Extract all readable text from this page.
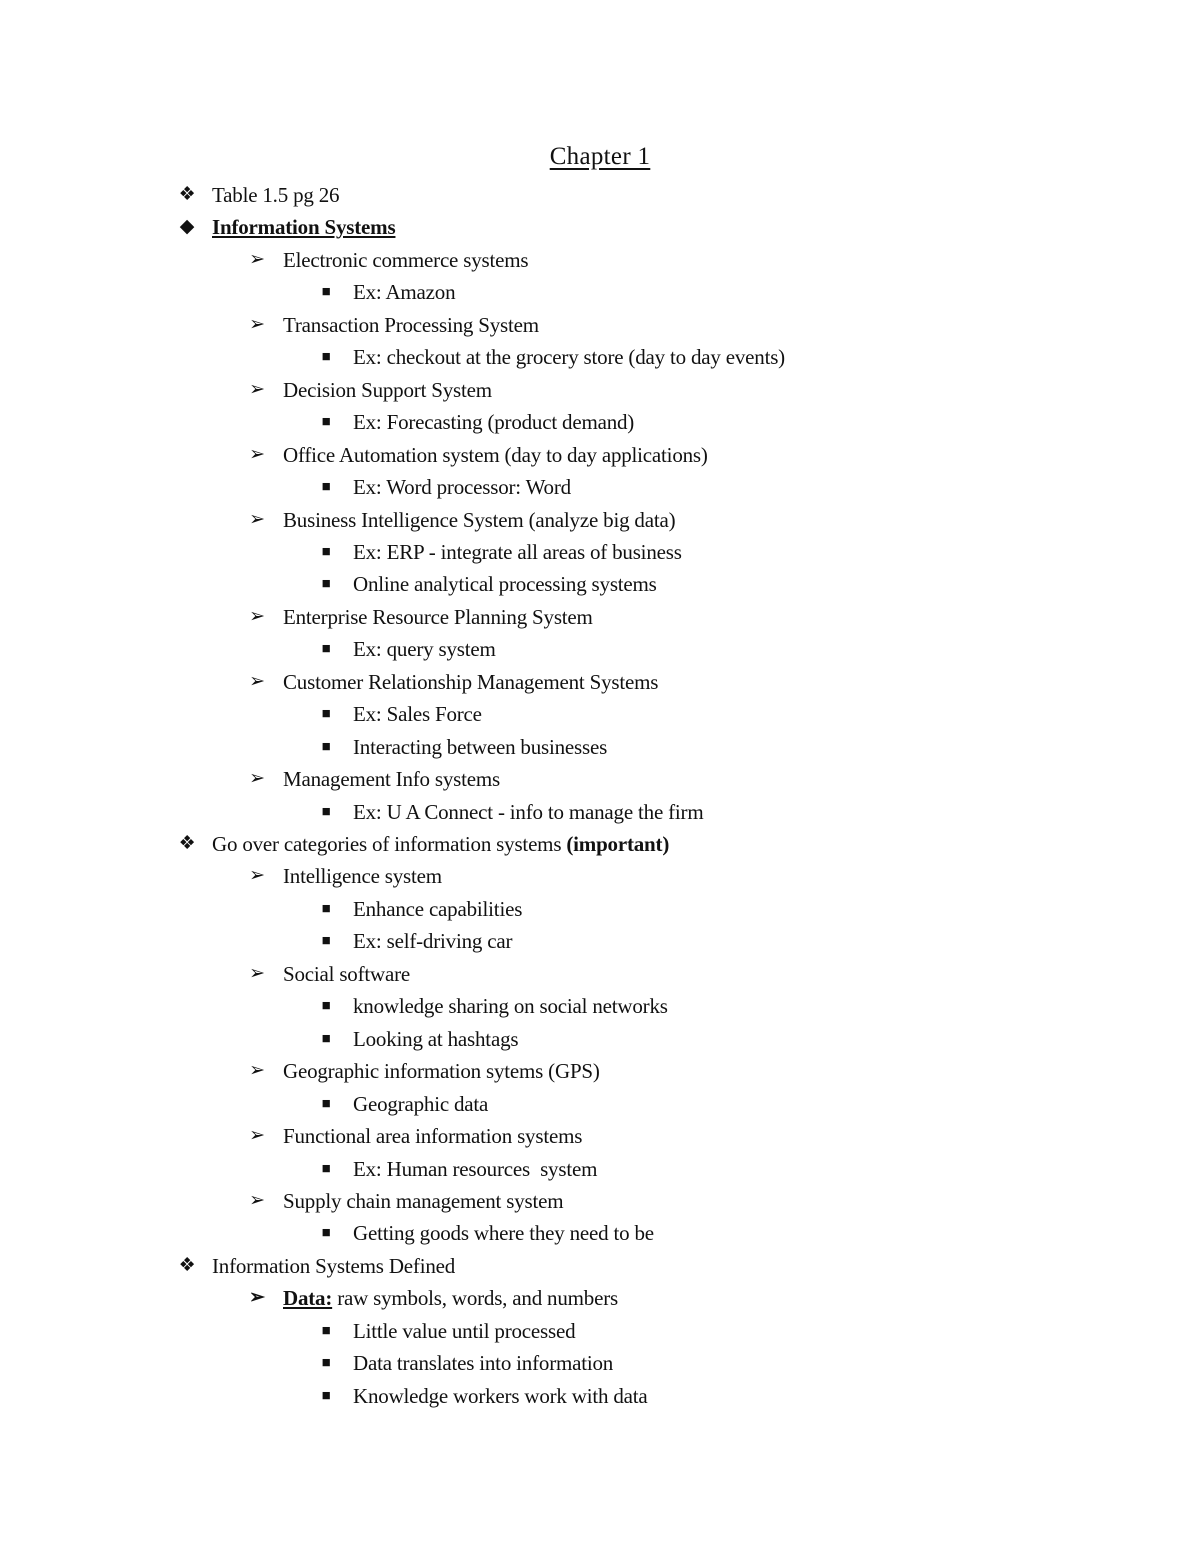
Chapter 1
❖ Table 1.5 pg 26
◆ Information Systems
➢ Electronic commerce systems
■	Ex: Amazon
➢ Transaction Processing System
■	Ex: checkout at the grocery store (day to day events)
➢ Decision Support System
■	Ex: Forecasting (product demand)
➢ Office Automation system (day to day applications)
■	Ex: Word processor: Word
➢ Business Intelligence System (analyze big data)
■	Ex: ERP - integrate all areas of business
■	Online analytical processing systems
➢ Enterprise Resource Planning System
■	Ex: query system
➢ Customer Relationship Management Systems
■	Ex: Sales Force
■	Interacting between businesses
➢ Management Info systems
■	Ex: U A Connect - info to manage the firm
❖ Go over categories of information systems (important)
➢ Intelligence system
■	Enhance capabilities
■	Ex: self-driving car
➢ Social software
■	knowledge sharing on social networks
■	Looking at hashtags
➢ Geographic information sytems (GPS)
■	Geographic data
➢ Functional area information systems
■	Ex: Human resources  system
➢ Supply chain management system
■	Getting goods where they need to be
❖ Information Systems Defined
➢ Data: raw symbols, words, and numbers
■	Little value until processed
■	Data translates into information
■	Knowledge workers work with data
